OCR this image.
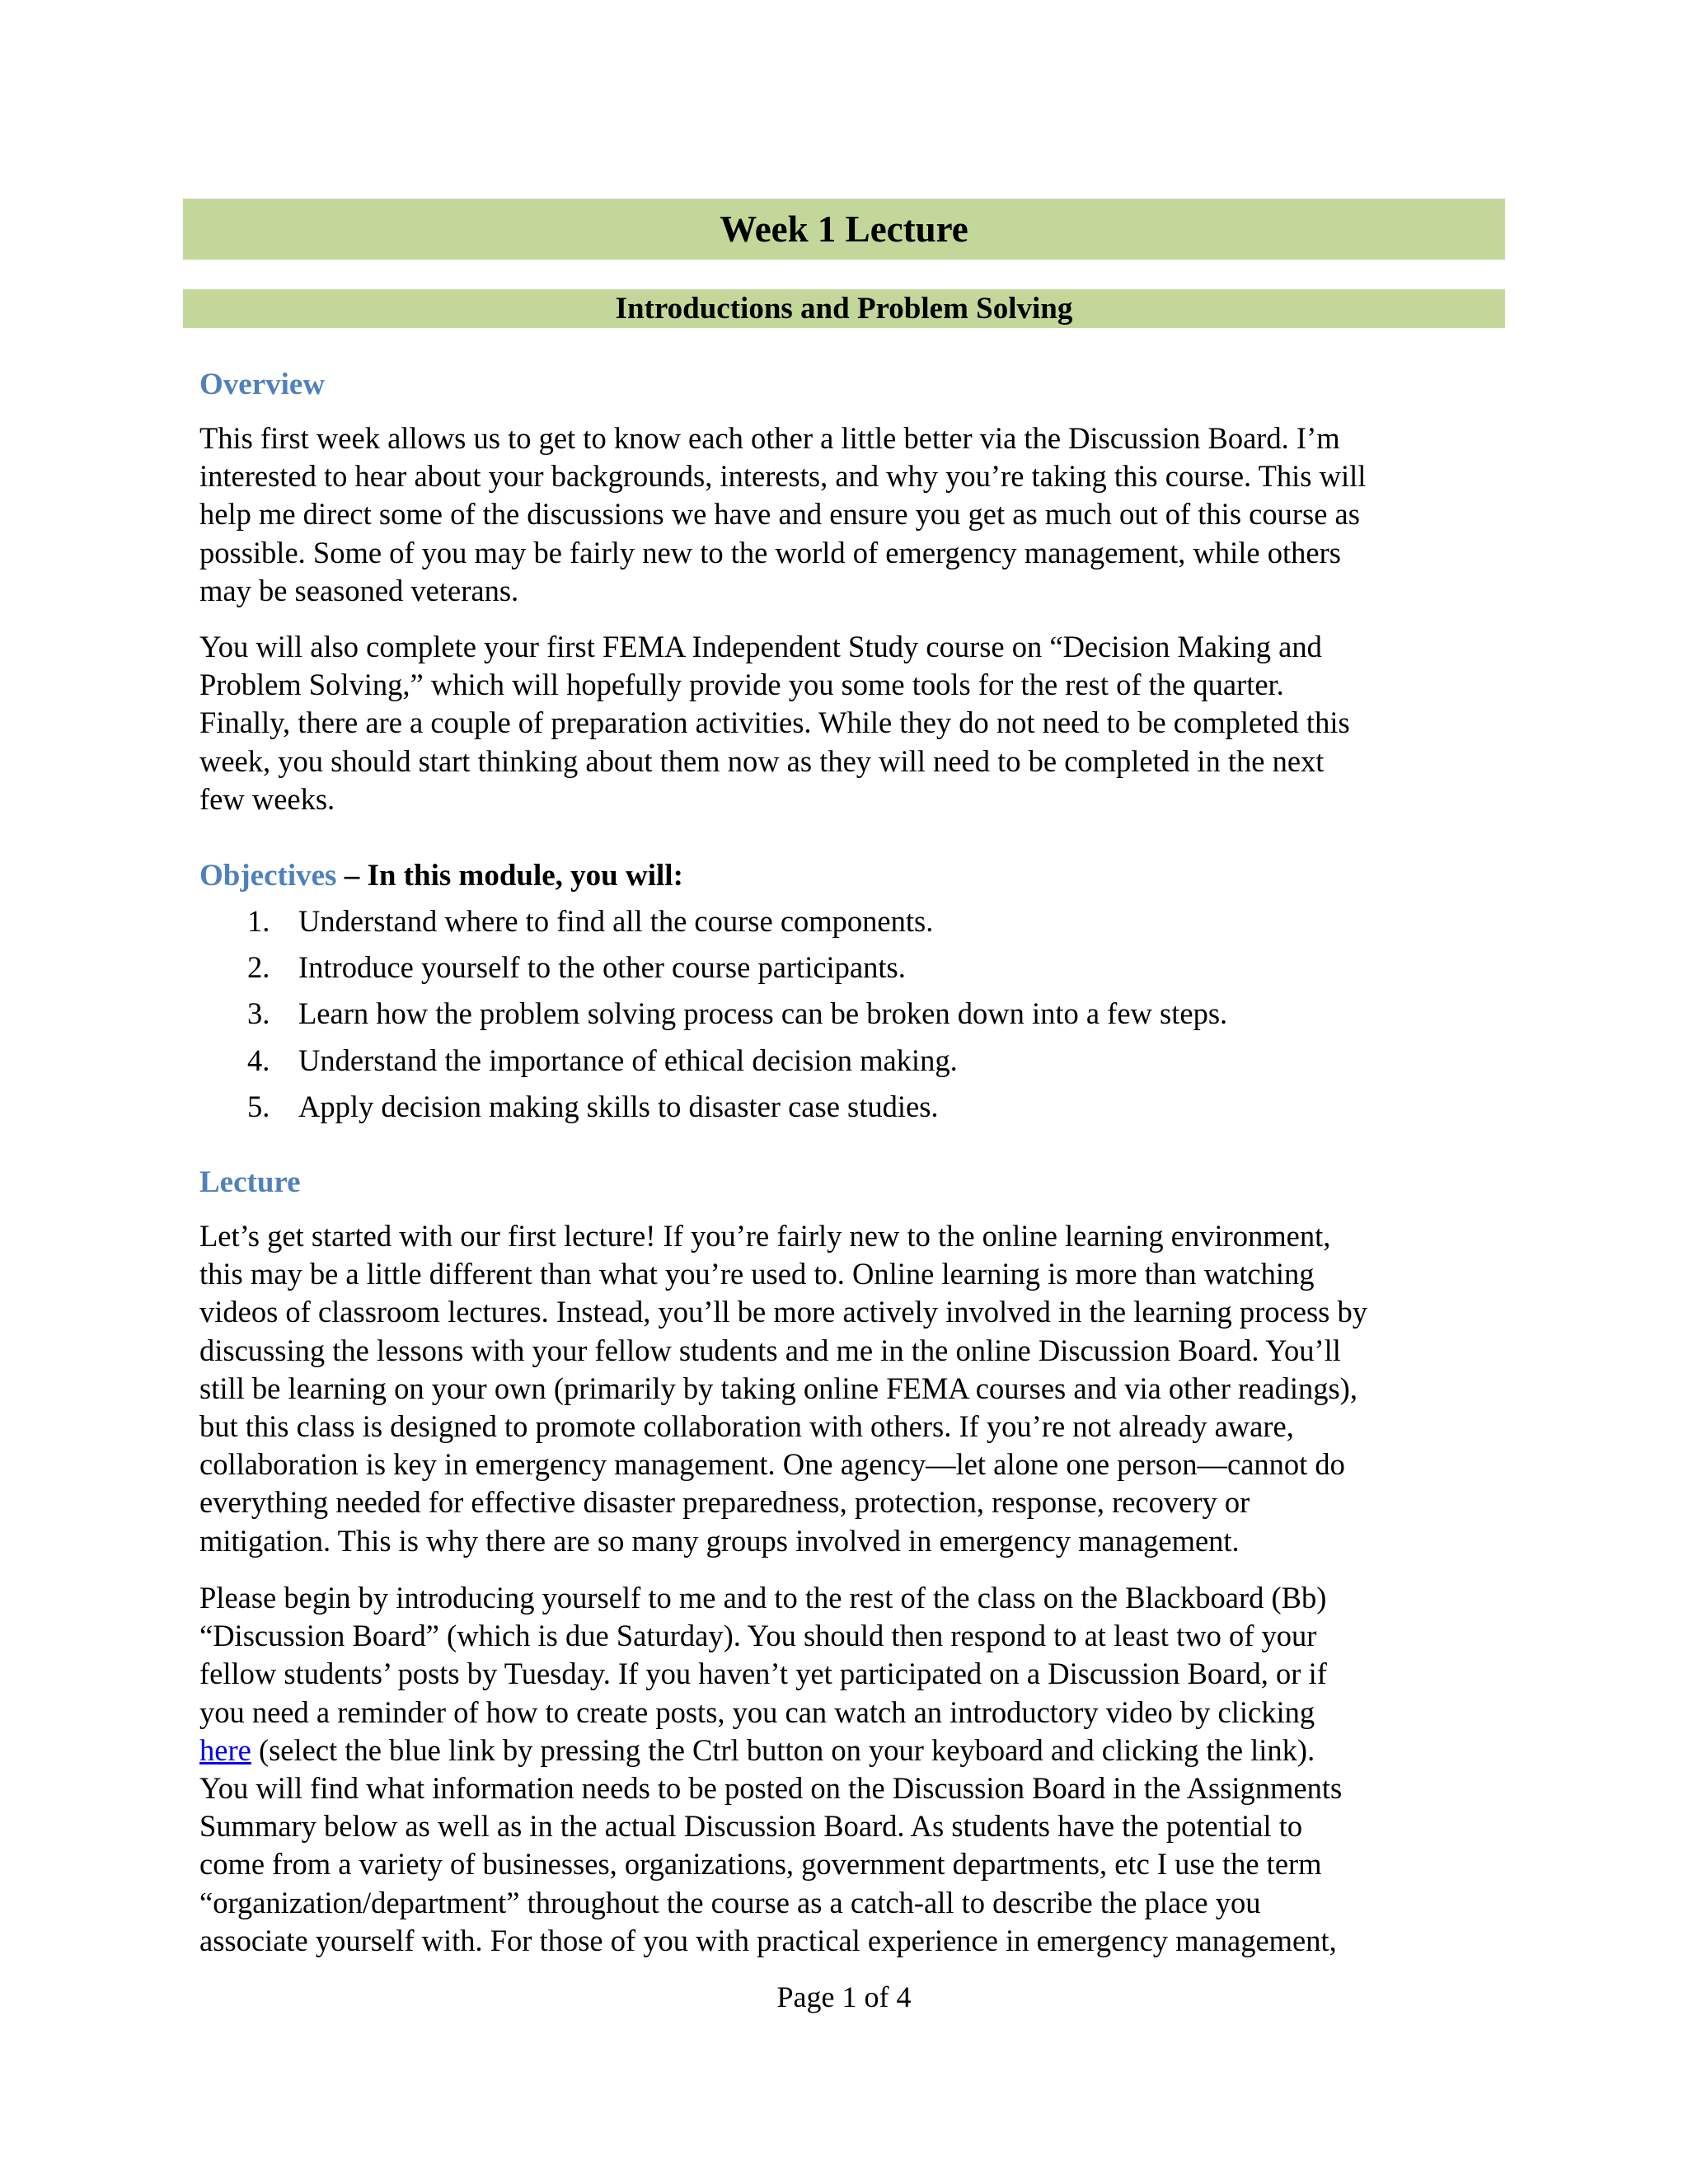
Week 1 Lecture
Introductions and Problem Solving
Overview

This first week allows us to get to know each other a little better via the Discussion Board. I’m
interested to hear about your backgrounds, interests, and why you’re taking this course. This will
help me direct some of the discussions we have and ensure you get as much out of this course as
possible. Some of you may be fairly new to the world of emergency management, while others
may be seasoned veterans.

You will also complete your first FEMA Independent Study course on “Decision Making and
Problem Solving,” which will hopefully provide you some tools for the rest of the quarter.
Finally, there are a couple of preparation activities. While they do not need to be completed this
week, you should start thinking about them now as they will need to be completed in the next
few weeks.

Objectives – In this module, you will:

1. Understand where to find all the course components.
2. Introduce yourself to the other course participants.
3. Learn how the problem solving process can be broken down into a few steps.
4. Understand the importance of ethical decision making.
5. Apply decision making skills to disaster case studies.
Lecture

Let’s get started with our first lecture! If you’re fairly new to the online learning environment,
this may be a little different than what you’re used to. Online learning is more than watching
videos of classroom lectures. Instead, you’ll be more actively involved in the learning process by
discussing the lessons with your fellow students and me in the online Discussion Board. You’ll
still be learning on your own (primarily by taking online FEMA courses and via other readings),
but this class is designed to promote collaboration with others. If you’re not already aware,
collaboration is key in emergency management. One agency—let alone one person—cannot do
everything needed for effective disaster preparedness, protection, response, recovery or
mitigation. This is why there are so many groups involved in emergency management.

Please begin by introducing yourself to me and to the rest of the class on the Blackboard (Bb)
“Discussion Board” (which is due Saturday). You should then respond to at least two of your
fellow students’ posts by Tuesday. If you haven’t yet participated on a Discussion Board, or if
you need a reminder of how to create posts, you can watch an introductory video by clicking
here (select the blue link by pressing the Ctrl button on your keyboard and clicking the link).
You will find what information needs to be posted on the Discussion Board in the Assignments
Summary below as well as in the actual Discussion Board. As students have the potential to
come from a variety of businesses, organizations, government departments, etc I use the term
“organization/department” throughout the course as a catch-all to describe the place you
associate yourself with. For those of you with practical experience in emergency management,

Page 1 of 4
